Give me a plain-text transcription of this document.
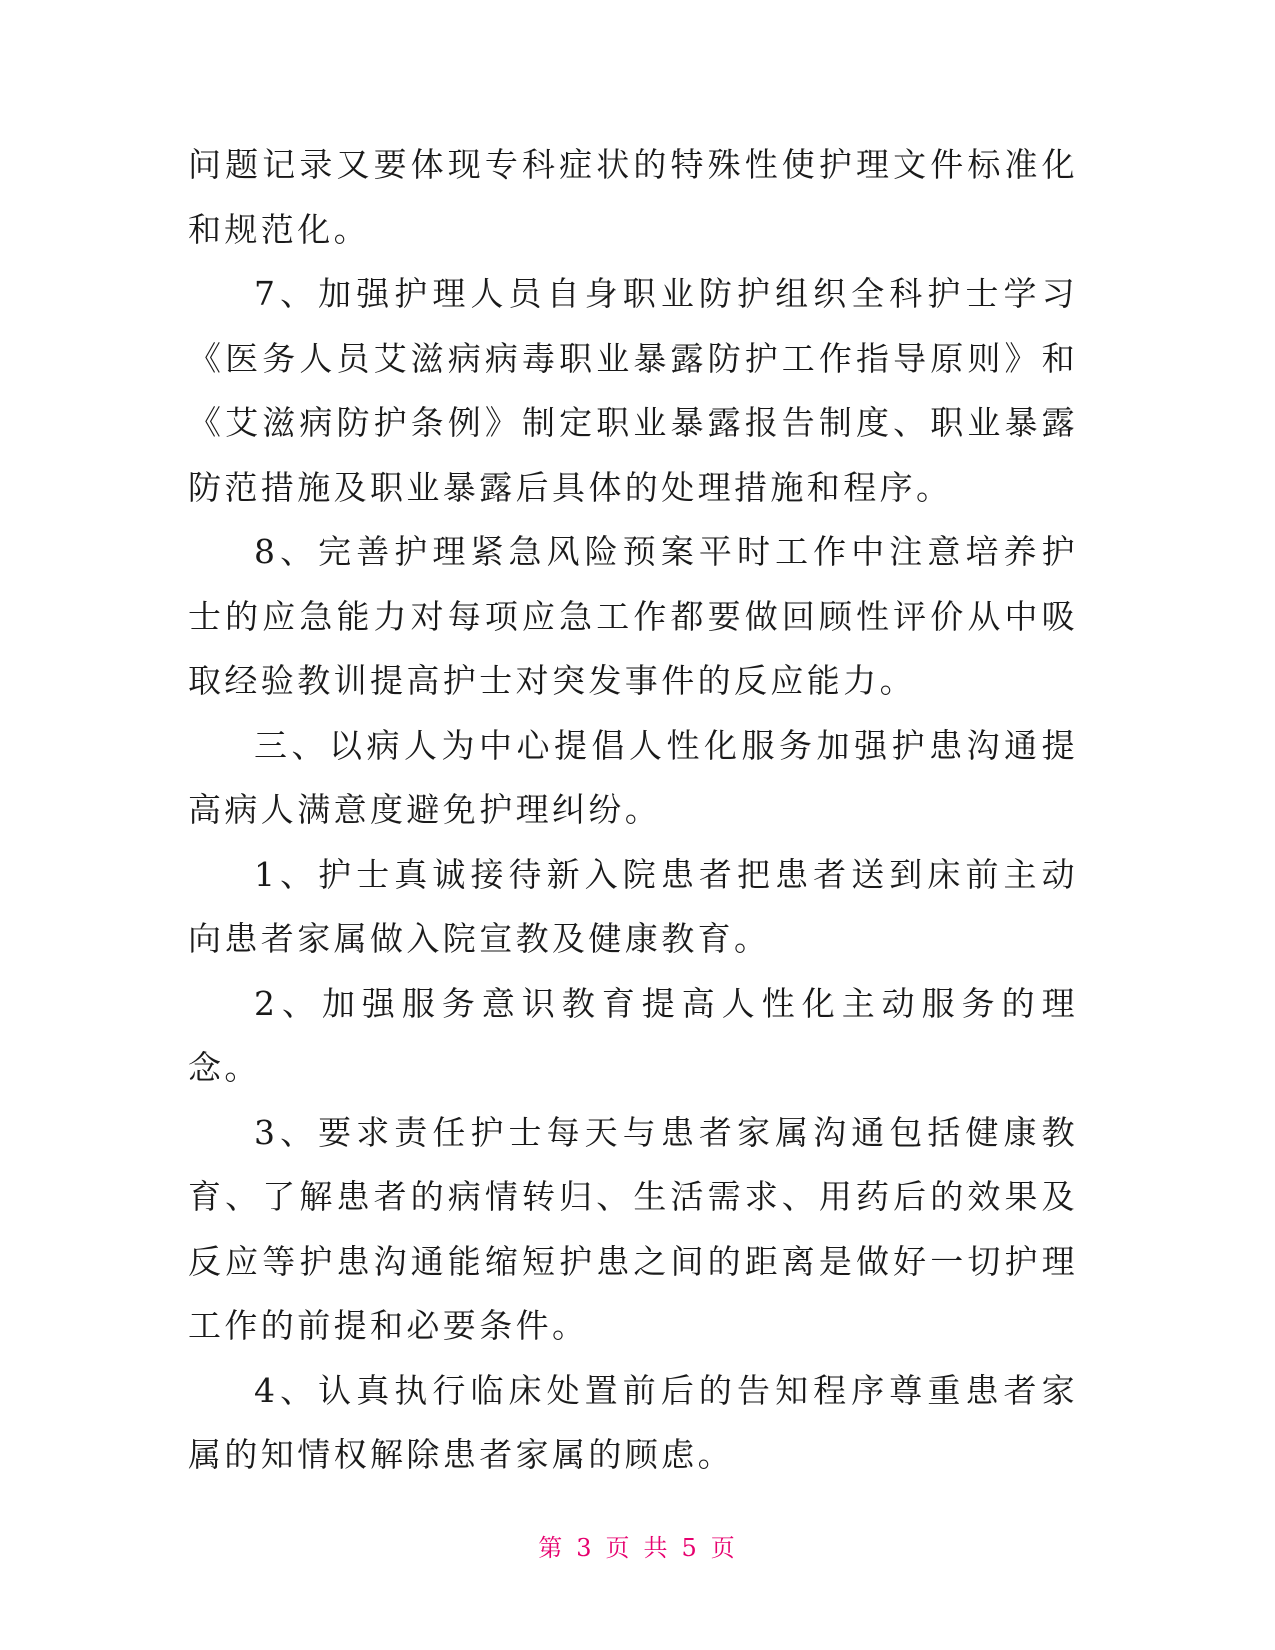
问题记录又要体现专科症状的特殊性使护理文件标准化和规范化。

7、加强护理人员自身职业防护组织全科护士学习《医务人员艾滋病病毒职业暴露防护工作指导原则》和《艾滋病防护条例》制定职业暴露报告制度、职业暴露防范措施及职业暴露后具体的处理措施和程序。

8、完善护理紧急风险预案平时工作中注意培养护士的应急能力对每项应急工作都要做回顾性评价从中吸取经验教训提高护士对突发事件的反应能力。

三、以病人为中心提倡人性化服务加强护患沟通提高病人满意度避免护理纠纷。

1、护士真诚接待新入院患者把患者送到床前主动向患者家属做入院宣教及健康教育。

2、加强服务意识教育提高人性化主动服务的理念。

3、要求责任护士每天与患者家属沟通包括健康教育、了解患者的病情转归、生活需求、用药后的效果及反应等护患沟通能缩短护患之间的距离是做好一切护理工作的前提和必要条件。

4、认真执行临床处置前后的告知程序尊重患者家属的知情权解除患者家属的顾虑。

第 3 页 共 5 页
